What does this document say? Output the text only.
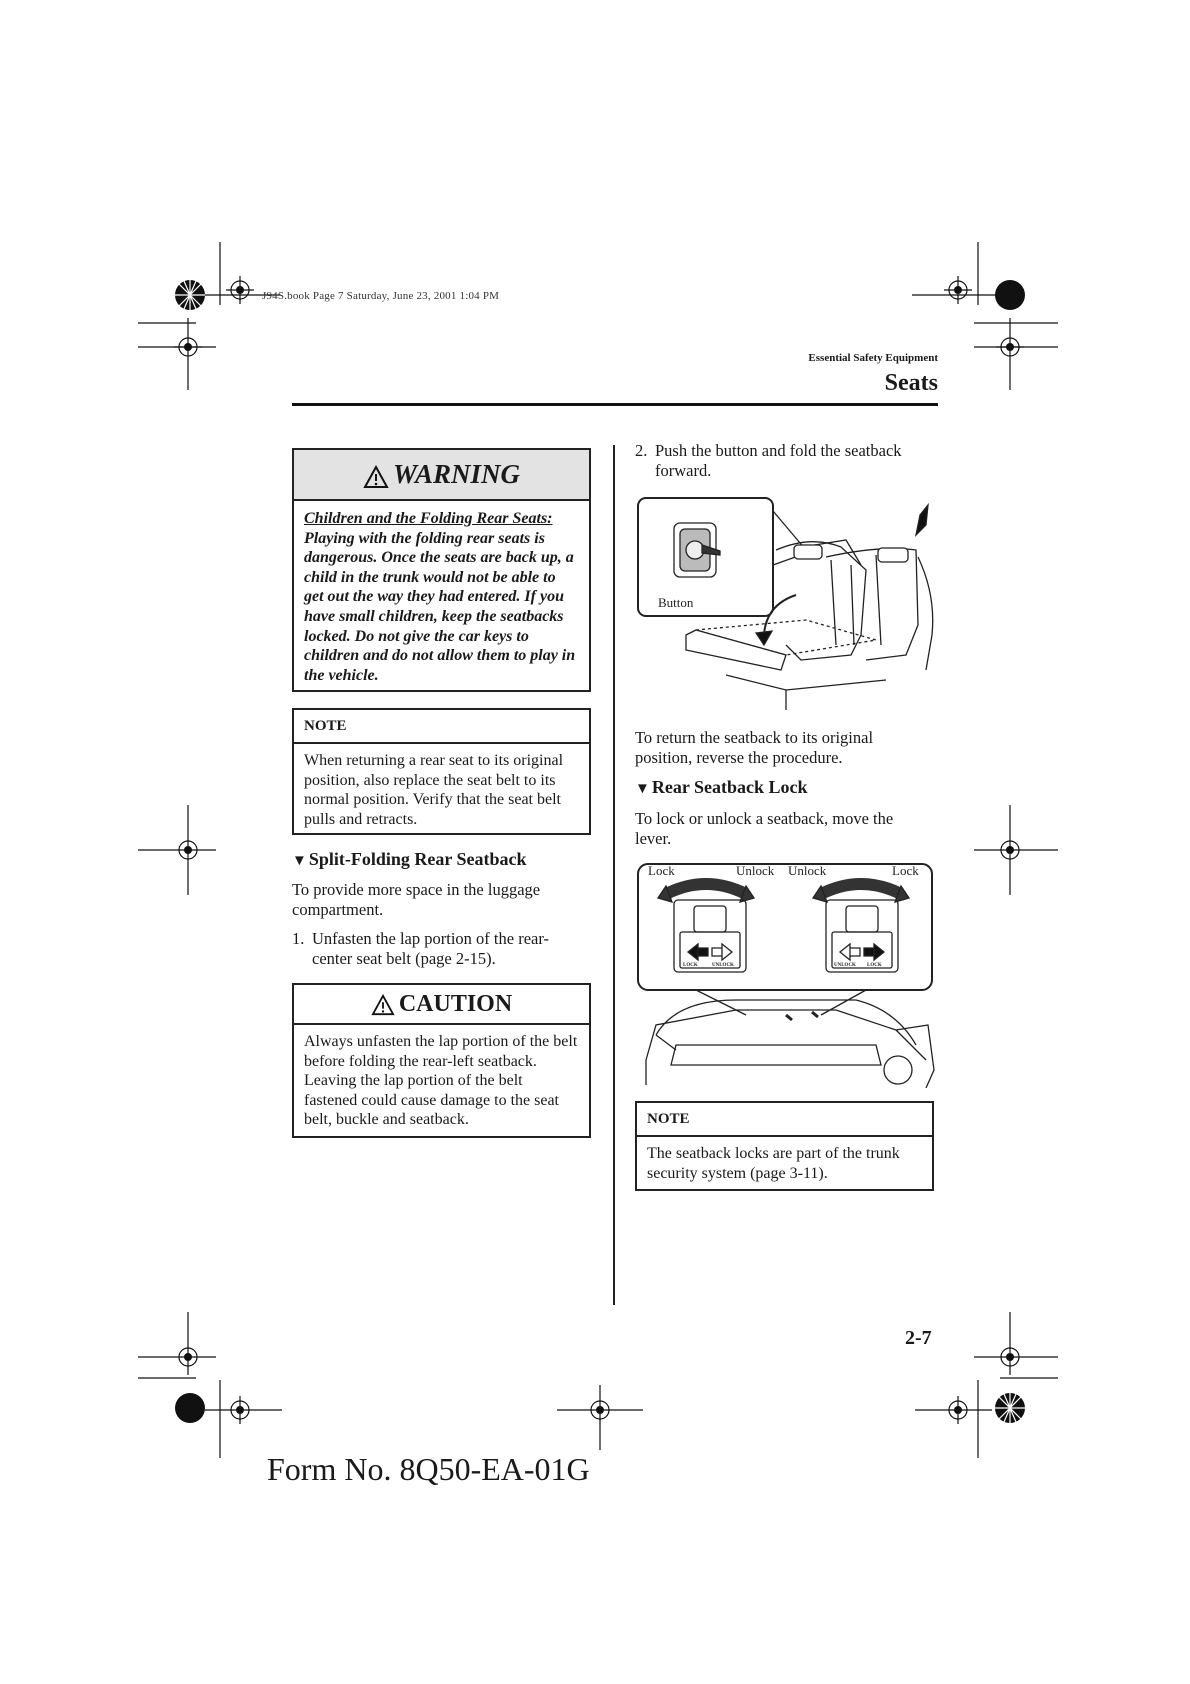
J94S.book Page 7 Saturday, June 23, 2001 1:04 PM
Essential Safety Equipment
Seats
WARNING
Children and the Folding Rear Seats:
Playing with the folding rear seats is dangerous. Once the seats are back up, a child in the trunk would not be able to get out the way they had entered. If you have small children, keep the seatbacks locked. Do not give the car keys to children and do not allow them to play in the vehicle.
NOTE
When returning a rear seat to its original position, also replace the seat belt to its normal position. Verify that the seat belt pulls and retracts.
▼ Split-Folding Rear Seatback
To provide more space in the luggage compartment.
1. Unfasten the lap portion of the rear-center seat belt (page 2-15).
CAUTION
Always unfasten the lap portion of the belt before folding the rear-left seatback. Leaving the lap portion of the belt fastened could cause damage to the seat belt, buckle and seatback.
2. Push the button and fold the seatback forward.
Button
To return the seatback to its original position, reverse the procedure.
▼ Rear Seatback Lock
To lock or unlock a seatback, move the lever.
Lock	Unlock Unlock	Lock
LOCK	UNLOCK	UNLOCK LOCK
NOTE
The seatback locks are part of the trunk security system (page 3-11).
2-7
Form No. 8Q50-EA-01G
